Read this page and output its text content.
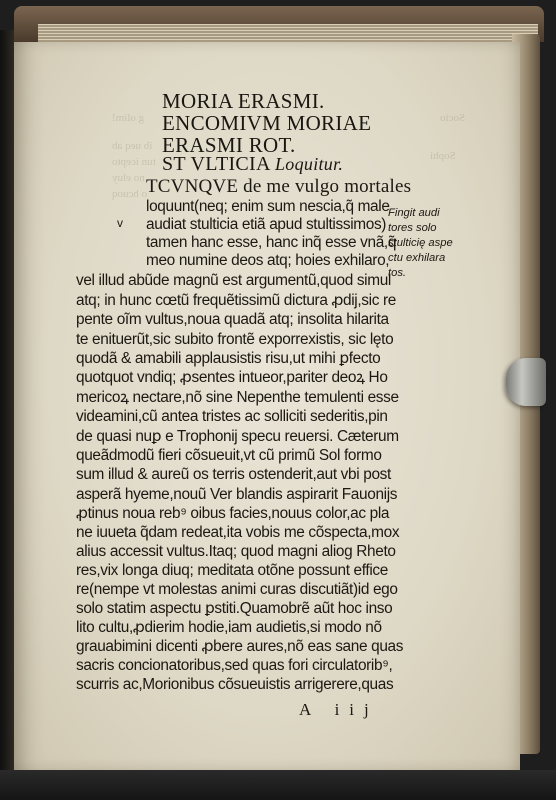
g olim!
ib ueq ab
tun icepto
no eluy
o hcuoq
Sophi
Socio
MORIA ERASMI.
ENCOMIVM MORIAE
ERASMI ROT.
ST VLTICIA Loquitur.
v
TCVNQVE de me vulgo mortales
loquunt(neq; enim sum nescia,q̃ male
audiat stulticia etiã apud stultissimos)
tamen hanc esse, hanc inq̃ esse vnã,q̃
meo numine deos atq; hoies exhilaro,
vel illud abũde magnũ est argumentũ,quod simul
atq; in hunc cœtũ frequẽtissimũ dictura ꝓdij,sic re
pente oĩm vultus,noua quadã atq; insolita hilarita
te enituerũt,sic subito frontẽ exporrexistis, sic lęto
quodã & amabili applausistis risu,ut mihi ꝑfecto
quotquot vndiq; ꝓsentes intueor,pariter deoꝝ Ho
mericoꝝ nectare,nõ sine Nepenthe temulenti esse
videamini,cũ antea tristes ac solliciti sederitis,pin
de quasi nuꝑ e Trophonij specu reuersi. Cæterum
queãdmodũ fieri cõsueuit,vt cũ primũ Sol formo
sum illud & aureũ os terris ostenderit,aut vbi post
asperã hyeme,nouũ Ver blandis aspirarit Fauonijs
ꝓtinus noua reb⁹ oibus facies,nouus color,ac pla
ne iuueta q̃dam redeat,ita vobis me cõspecta,mox
alius accessit vultus.Itaq; quod magni aliog Rheto
res,vix longa diuq; meditata otõne possunt effice
re(nempe vt molestas animi curas discutiãt)id ego
solo statim aspectu ꝑstiti.Quamobrẽ aũt hoc inso
lito cultu,ꝓdierim hodie,iam audietis,si modo nõ
grauabimini dicenti ꝓbere aures,nõ eas sane quas
sacris concionatoribus,sed quas fori circulatorib⁹,
scurris ac,Morionibus cõsueuistis arrigerere,quas
Fingit audi
tores solo
stulticię aspe
ctu exhilara
tos.
A iij
